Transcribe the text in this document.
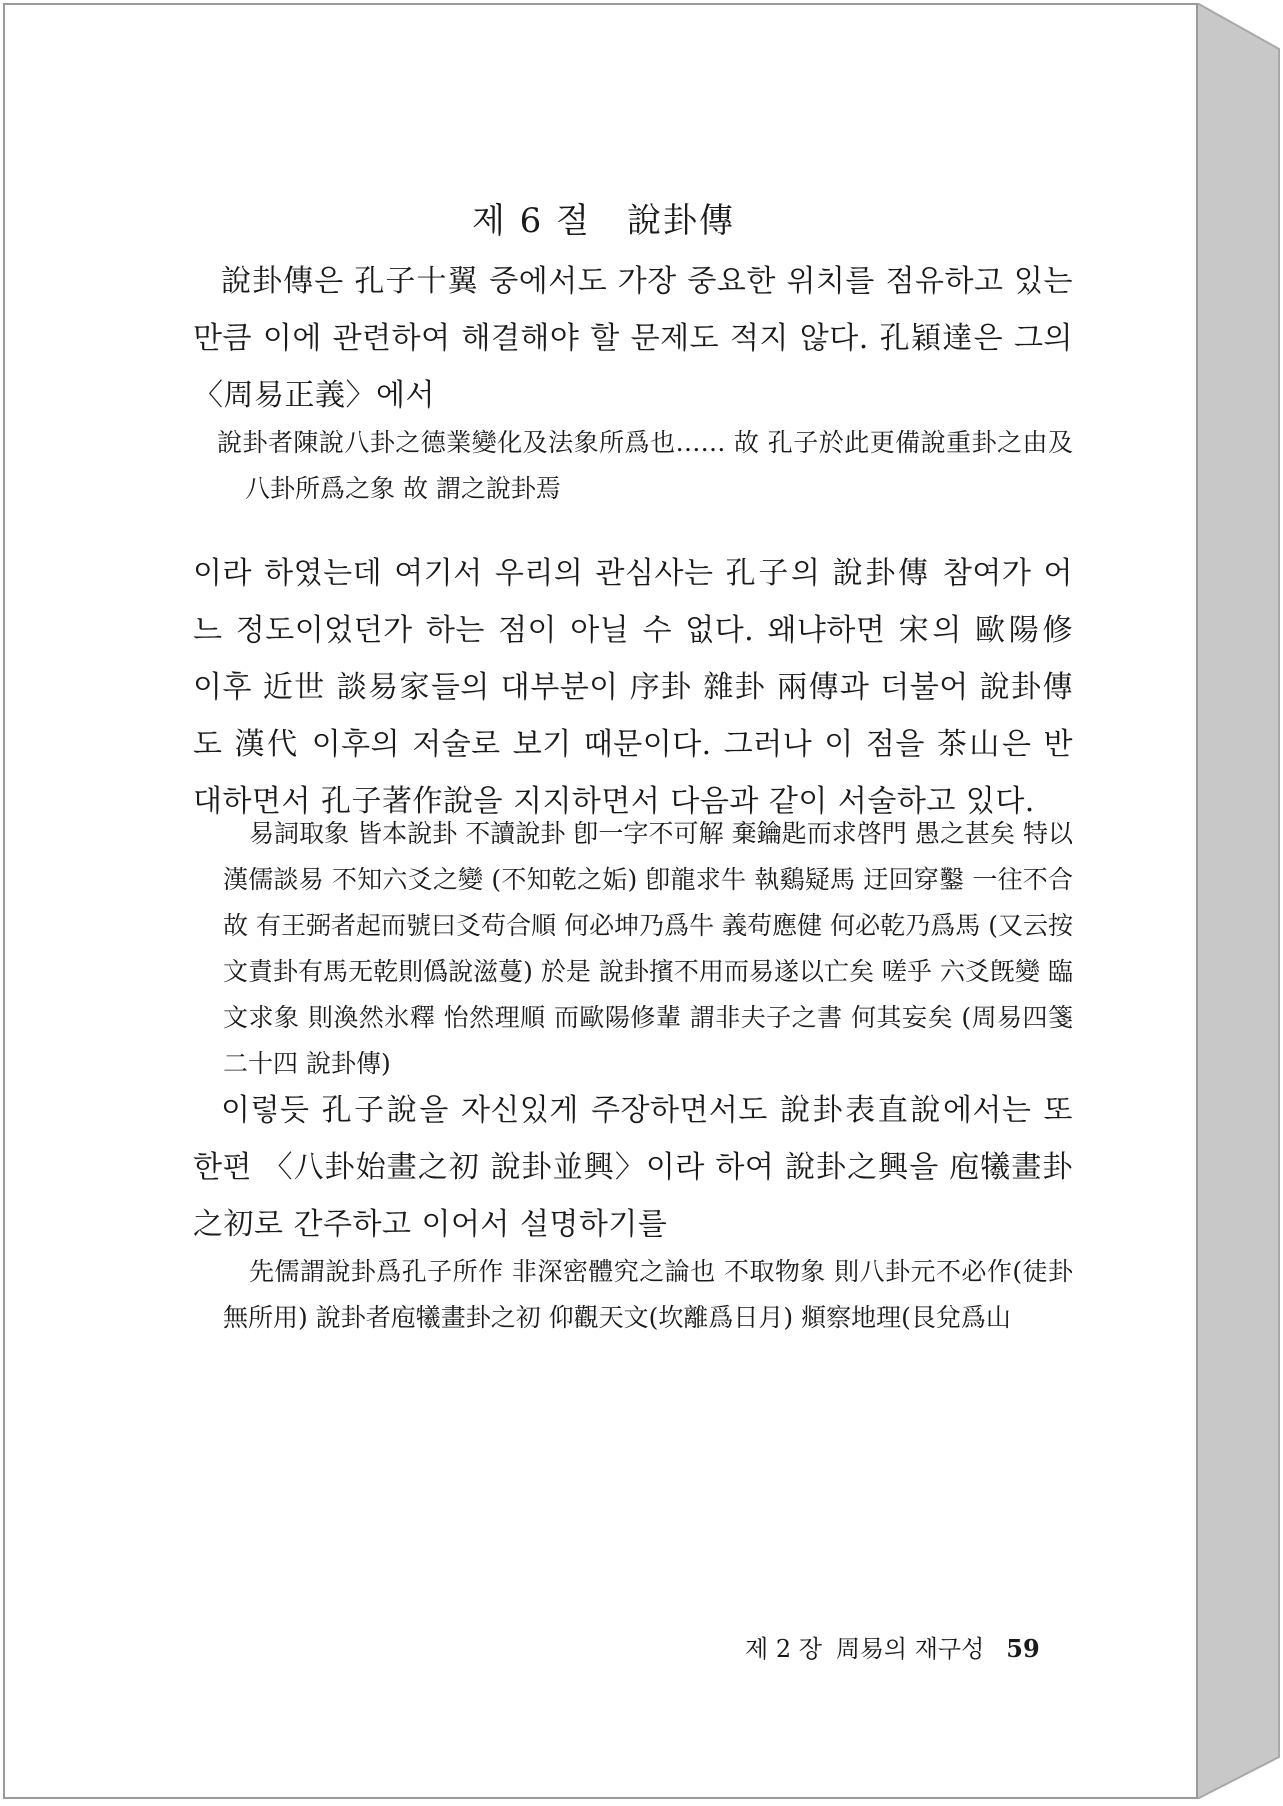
제 6 절 說卦傳

說卦傳은 孔子十翼 중에서도 가장 중요한 위치를 점유하고 있는 만큼 이에 관련하여 해결해야 할 문제도 적지 않다. 孔穎達은 그의 〈周易正義〉에서

說卦者陳說八卦之德業變化及法象所爲也…… 故 孔子於此更備說重卦之由及八卦所爲之象 故 謂之說卦焉

이라 하였는데 여기서 우리의 관심사는 孔子의 說卦傳 참여가 어느 정도이었던가 하는 점이 아닐 수 없다. 왜냐하면 宋의 歐陽修 이후 近世 談易家들의 대부분이 序卦 雜卦 兩傳과 더불어 說卦傳도 漢代 이후의 저술로 보기 때문이다. 그러나 이 점을 茶山은 반대하면서 孔子著作說을 지지하면서 다음과 같이 서술하고 있다.

易詞取象 皆本說卦 不讀說卦 卽一字不可解 棄鑰匙而求啓門 愚之甚矣 特以漢儒談易 不知六爻之變 (不知乾之姤) 卽龍求牛 執鷄疑馬 迂回穿鑿 一往不合 故 有王弼者起而號曰爻苟合順 何必坤乃爲牛 義苟應健 何必乾乃爲馬 (又云按文責卦有馬无乾則僞說滋蔓) 於是 說卦擯不用而易遂以亡矣 嗟乎 六爻旣變 臨文求象 則渙然氷釋 怡然理順 而歐陽修輩 謂非夫子之書 何其妄矣 (周易四箋二十四 說卦傳)

이렇듯 孔子說을 자신있게 주장하면서도 說卦表直說에서는 또 한편 〈八卦始畫之初 說卦並興〉이라 하여 說卦之興을 庖犧畫卦之初로 간주하고 이어서 설명하기를

先儒謂說卦爲孔子所作 非深密體究之論也 不取物象 則八卦元不必作(徒卦無所用) 說卦者庖犧畫卦之初 仰觀天文(坎離爲日月) 頫察地理(艮兌爲山

제 2 장 周易의 재구성 59
